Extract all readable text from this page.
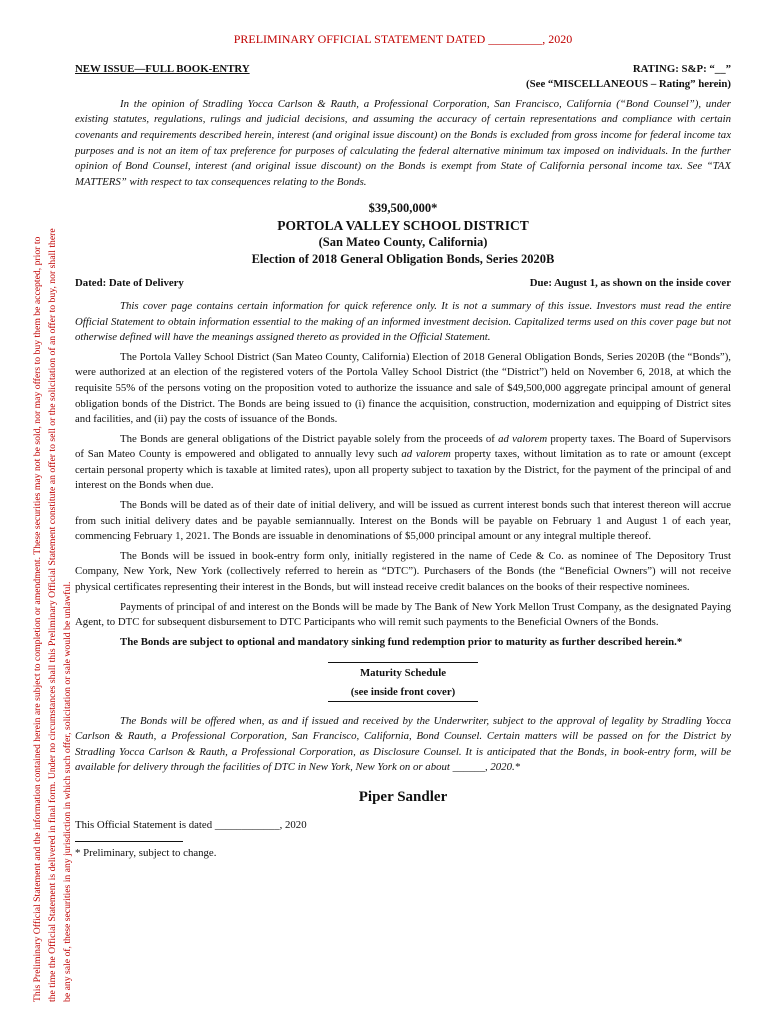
This Preliminary Official Statement and the information contained herein are subject to completion or amendment. These securities may not be sold, nor may offers to buy them be accepted, prior to the time the Official Statement is delivered in final form. Under no circumstances shall this Preliminary Official Statement constitute an offer to sell or the solicitation of an offer to buy, nor shall there be any sale of, these securities in any jurisdiction in which such offer, solicitation or sale would be unlawful.
PRELIMINARY OFFICIAL STATEMENT DATED _________, 2020
NEW ISSUE—FULL BOOK-ENTRY	RATING: S&P: “__”
(See “MISCELLANEOUS – Rating” herein)

In the opinion of Stradling Yocca Carlson & Rauth, a Professional Corporation, San Francisco, California (“Bond Counsel”), under existing statutes, regulations, rulings and judicial decisions, and assuming the accuracy of certain representations and compliance with certain covenants and requirements described herein, interest (and original issue discount) on the Bonds is excluded from gross income for federal income tax purposes and is not an item of tax preference for purposes of calculating the federal alternative minimum tax imposed on individuals. In the further opinion of Bond Counsel, interest (and original issue discount) on the Bonds is exempt from State of California personal income tax. See “TAX MATTERS” with respect to tax consequences relating to the Bonds.

$39,500,000*
PORTOLA VALLEY SCHOOL DISTRICT
(San Mateo County, California)
Election of 2018 General Obligation Bonds, Series 2020B
Dated: Date of Delivery	Due: August 1, as shown on the inside cover

This cover page contains certain information for quick reference only. It is not a summary of this issue. Investors must read the entire Official Statement to obtain information essential to the making of an informed investment decision. Capitalized terms used on this cover page but not otherwise defined will have the meanings assigned thereto as provided in the Official Statement.

The Portola Valley School District (San Mateo County, California) Election of 2018 General Obligation Bonds, Series 2020B (the “Bonds”), were authorized at an election of the registered voters of the Portola Valley School District (the “District”) held on November 6, 2018, at which the requisite 55% of the persons voting on the proposition voted to authorize the issuance and sale of $49,500,000 aggregate principal amount of general obligation bonds of the District. The Bonds are being issued to (i) finance the acquisition, construction, modernization and equipping of District sites and facilities, and (ii) pay the costs of issuance of the Bonds.

The Bonds are general obligations of the District payable solely from the proceeds of ad valorem property taxes. The Board of Supervisors of San Mateo County is empowered and obligated to annually levy such ad valorem property taxes, without limitation as to rate or amount (except certain personal property which is taxable at limited rates), upon all property subject to taxation by the District, for the payment of the principal of and interest on the Bonds when due.

The Bonds will be dated as of their date of initial delivery, and will be issued as current interest bonds such that interest thereon will accrue from such initial delivery dates and be payable semiannually. Interest on the Bonds will be payable on February 1 and August 1 of each year, commencing February 1, 2021. The Bonds are issuable in denominations of $5,000 principal amount or any integral multiple thereof.

The Bonds will be issued in book-entry form only, initially registered in the name of Cede & Co. as nominee of The Depository Trust Company, New York, New York (collectively referred to herein as “DTC”). Purchasers of the Bonds (the “Beneficial Owners”) will not receive physical certificates representing their interest in the Bonds, but will instead receive credit balances on the books of their respective nominees.

Payments of principal of and interest on the Bonds will be made by The Bank of New York Mellon Trust Company, as the designated Paying Agent, to DTC for subsequent disbursement to DTC Participants who will remit such payments to the Beneficial Owners of the Bonds.

The Bonds are subject to optional and mandatory sinking fund redemption prior to maturity as further described herein.*

Maturity Schedule
(see inside front cover)

The Bonds will be offered when, as and if issued and received by the Underwriter, subject to the approval of legality by Stradling Yocca Carlson & Rauth, a Professional Corporation, San Francisco, California, Bond Counsel. Certain matters will be passed on for the District by Stradling Yocca Carlson & Rauth, a Professional Corporation, as Disclosure Counsel. It is anticipated that the Bonds, in book-entry form, will be available for delivery through the facilities of DTC in New York, New York on or about ______, 2020.*

Piper Sandler
This Official Statement is dated ____________, 2020
* Preliminary, subject to change.
